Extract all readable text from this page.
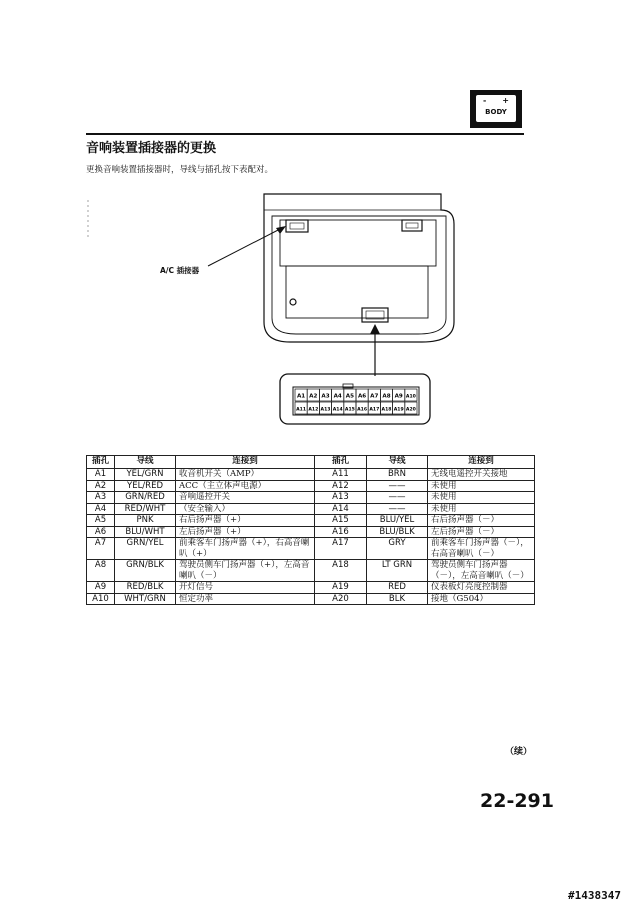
- +
BODY
音响装置插接器的更换
更换音响装置插接器时，导线与插孔按下表配对。
A1 A2 A3 A4 A5 A6 A7 A8 A9 A10
A11 A12 A13 A14 A15 A16 A17 A18 A19 A20
A/C 插接器
插孔	导线	连接到	插孔	导线	连接到
A1	YEL/GRN	收音机开关（AMP）	A11	BRN	无线电遥控开关接地
A2	YEL/RED	ACC（主立体声电源）	A12	——	未使用
A3	GRN/RED	音响遥控开关	A13	——	未使用
A4	RED/WHT	（安全输入）	A14	——	未使用
A5	PNK	右后扬声器（+）	A15	BLU/YEL	右后扬声器（－）
A6	BLU/WHT	左后扬声器（+）	A16	BLU/BLK	左后扬声器（－）
A7	GRN/YEL	前乘客车门扬声器（+），右高音喇叭（+）	A17	GRY	前乘客车门扬声器（－），右高音喇叭（－）
A8	GRN/BLK	驾驶员侧车门扬声器（+），左高音喇叭（－）	A18	LT GRN	驾驶员侧车门扬声器（－），左高音喇叭（－）
A9	RED/BLK	开灯信号	A19	RED	仪表板灯亮度控制器
A10	WHT/GRN	恒定功率	A20	BLK	接地（G504）
（续）
22-291
#1438347
